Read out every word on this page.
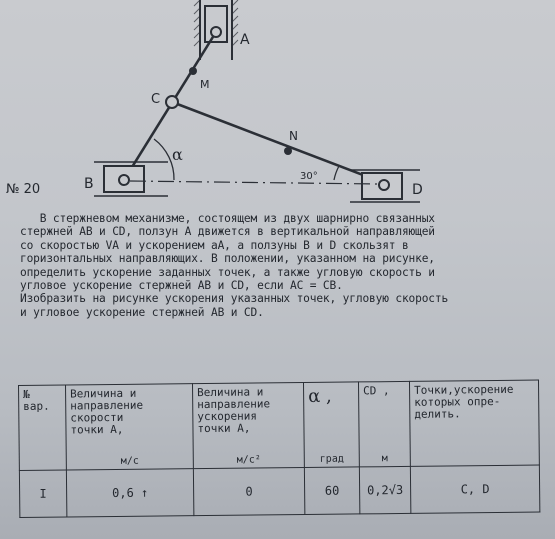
A
M
C
N
B	D
α
30°
№ 20

В стержневом механизме, состоящем из двух шарнирно связанных

стержней АВ и СD, ползун А движется в вертикальной направляющей

со скоростью VA и ускорением aA, а ползуны В и D скользят в

горизонтальных направляющих. В положении, указанном на рисунке,

определить ускорение заданных точек, а также угловую скорость и

угловое ускорение стержней АВ и СD, если АС = СВ.

Изобразить на рисунке ускорения указанных точек, угловую скорость

и угловое ускорение стержней АВ и СD.

№
вар.	Величина и
направление
скорости
точки А,
м/с	Величина и
направление
ускорения
точки А,
м/с²	α ,
град	СD ,
м	Точки,ускорение
которых опре-
делить.

I	0,6 ↑	0	60	0,2√3	С, D
